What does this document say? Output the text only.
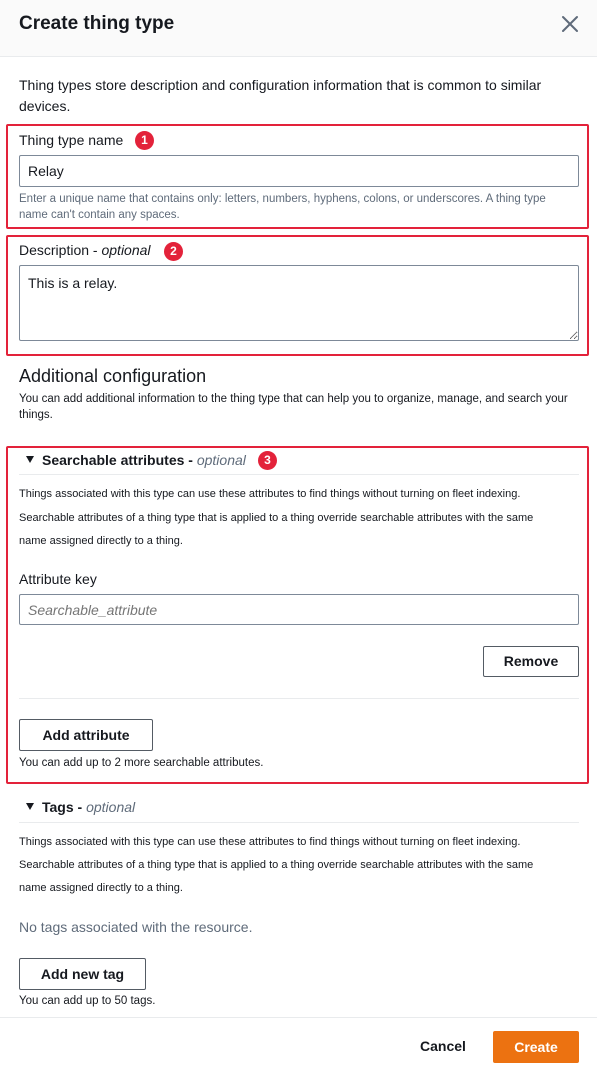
Create thing type
Thing types store description and configuration information that is common to similar devices.
Thing type name	1
Relay
Enter a unique name that contains only: letters, numbers, hyphens, colons, or underscores. A thing type name can't contain any spaces.
Description - optional	2
This is a relay.
Additional configuration
You can add additional information to the thing type that can help you to organize, manage, and search your things.
Searchable attributes - optional	3
Things associated with this type can use these attributes to find things without turning on fleet indexing.
Searchable attributes of a thing type that is applied to a thing override searchable attributes with the same
name assigned directly to a thing.
Attribute key
Searchable_attribute
Remove
Add attribute
You can add up to 2 more searchable attributes.
Tags - optional
Things associated with this type can use these attributes to find things without turning on fleet indexing.
Searchable attributes of a thing type that is applied to a thing override searchable attributes with the same
name assigned directly to a thing.
No tags associated with the resource.
Add new tag
You can add up to 50 tags.
Cancel	Create
